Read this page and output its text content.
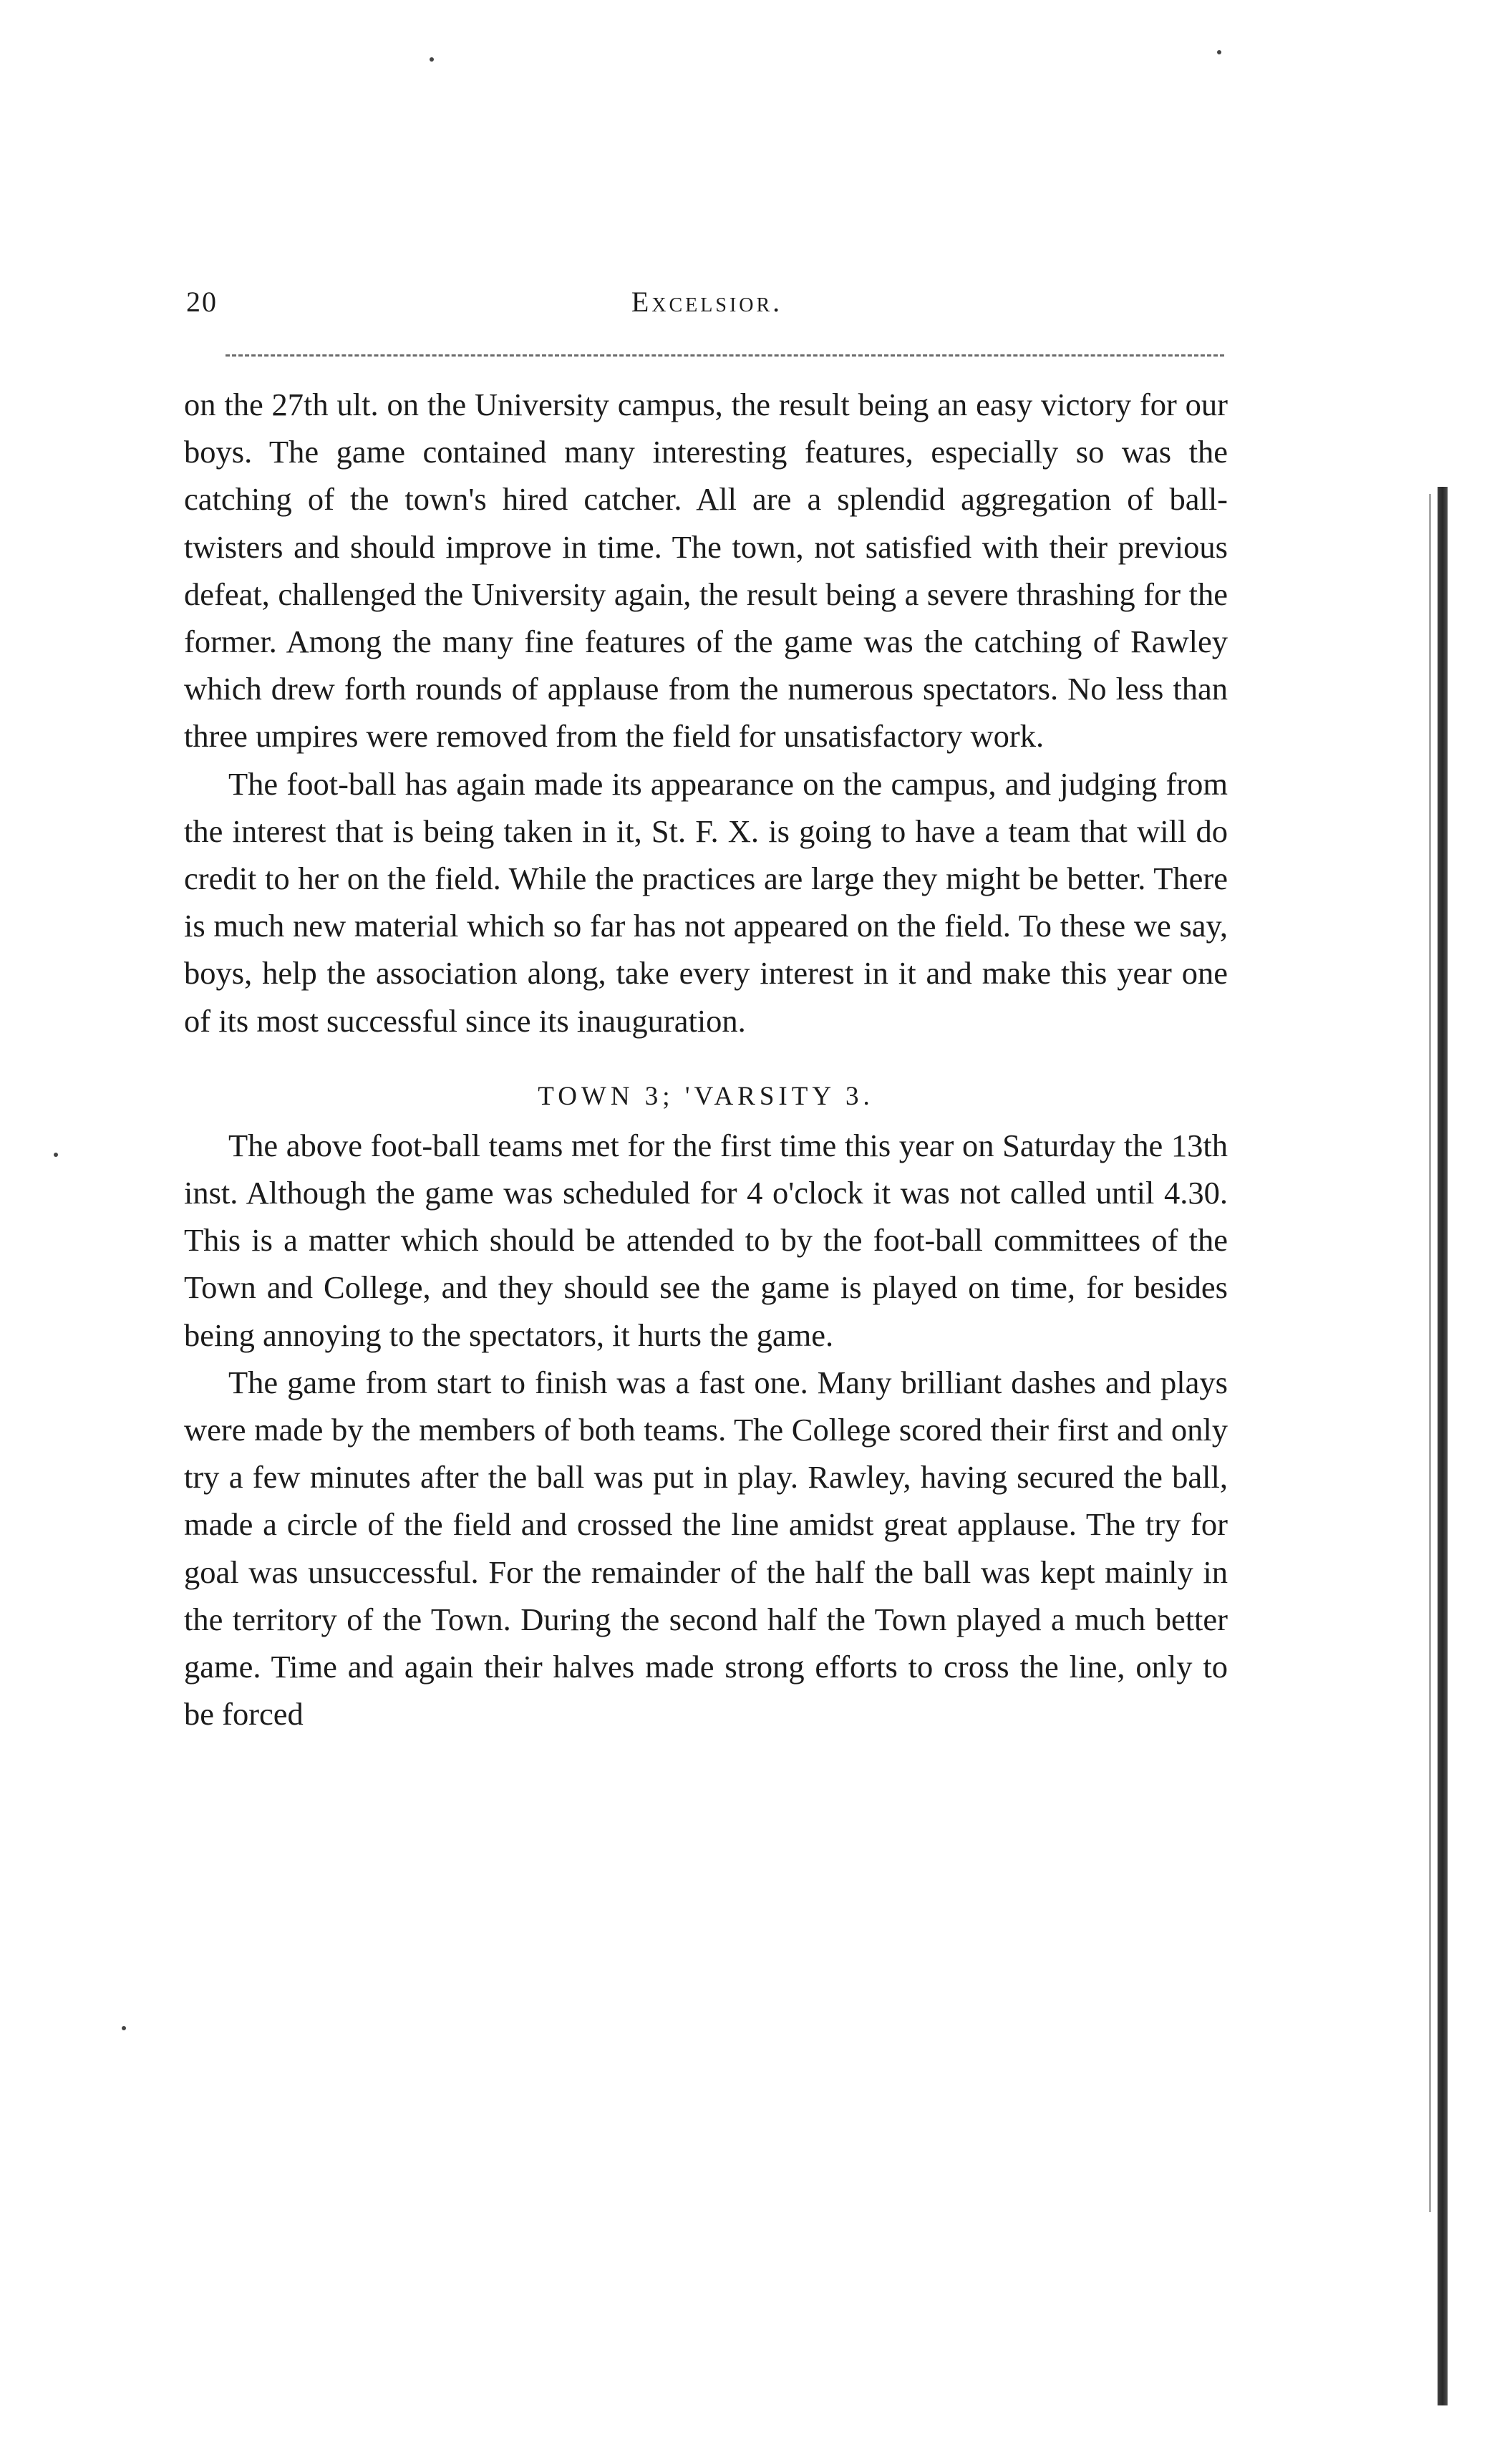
20	Excelsior.

on the 27th ult. on the University campus, the result being an easy victory for our boys. The game contained many interesting features, especially so was the catching of the town's hired catcher. All are a splendid aggregation of ball-twisters and should improve in time. The town, not satisfied with their previous defeat, challenged the University again, the result being a severe thrashing for the former. Among the many fine features of the game was the catching of Rawley which drew forth rounds of applause from the numerous spectators. No less than three umpires were removed from the field for unsatisfactory work.

The foot-ball has again made its appearance on the campus, and judging from the interest that is being taken in it, St. F. X. is going to have a team that will do credit to her on the field. While the practices are large they might be better. There is much new material which so far has not appeared on the field. To these we say, boys, help the association along, take every interest in it and make this year one of its most successful since its inauguration.

TOWN 3; 'VARSITY 3.

The above foot-ball teams met for the first time this year on Saturday the 13th inst. Although the game was scheduled for 4 o'clock it was not called until 4.30. This is a matter which should be attended to by the foot-ball committees of the Town and College, and they should see the game is played on time, for besides being annoying to the spectators, it hurts the game.

The game from start to finish was a fast one. Many brilliant dashes and plays were made by the members of both teams. The College scored their first and only try a few minutes after the ball was put in play. Rawley, having secured the ball, made a circle of the field and crossed the line amidst great applause. The try for goal was unsuccessful. For the remainder of the half the ball was kept mainly in the territory of the Town. During the second half the Town played a much better game. Time and again their halves made strong efforts to cross the line, only to be forced
